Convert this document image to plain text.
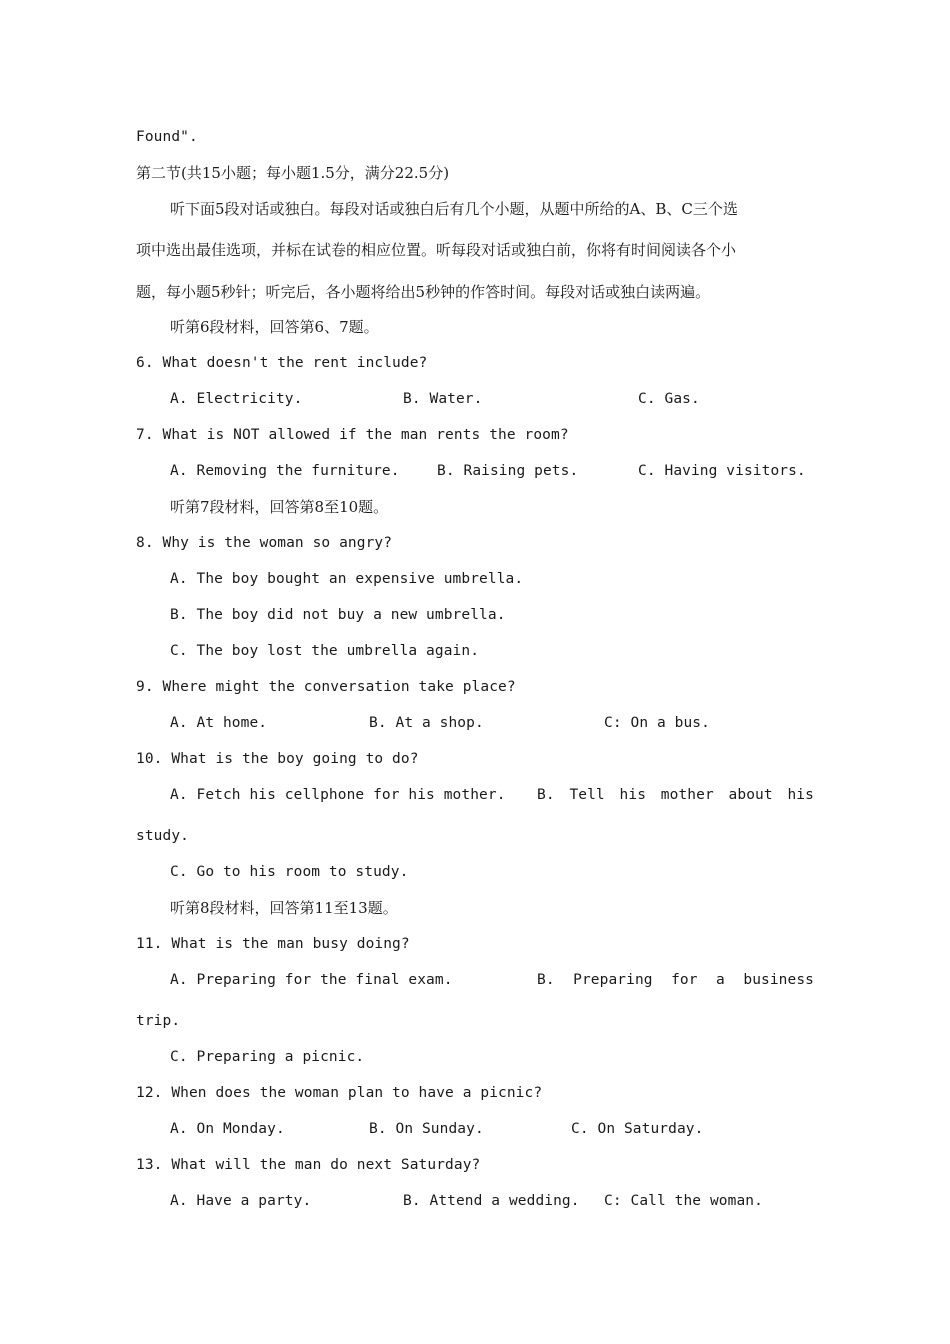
Found".
第二节(共15小题；每小题1.5分，满分22.5分)
听下面5段对话或独白。每段对话或独白后有几个小题，从题中所给的A、B、C三个选
项中选出最佳选项，并标在试卷的相应位置。听每段对话或独白前，你将有时间阅读各个小
题，每小题5秒针；听完后，各小题将给出5秒钟的作答时间。每段对话或独白读两遍。
听第6段材料，回答第6、7题。
6. What doesn't the rent include?
A. Electricity.	B. Water.	C. Gas.
7. What is NOT allowed if the man rents the room?
A. Removing the furniture.	B. Raising pets.	C. Having visitors.
听第7段材料，回答第8至10题。
8. Why is the woman so angry?
A. The boy bought an expensive umbrella.
B. The boy did not buy a new umbrella.
C. The boy lost the umbrella again.
9. Where might the conversation take place?
A. At home.	B. At a shop.	C: On a bus.
10. What is the boy going to do?
A. Fetch his cellphone for his mother. B. Tell his mother about his
study.
C. Go to his room to study.
听第8段材料，回答第11至13题。
11. What is the man busy doing?
A. Preparing for the final exam.	B. Preparing for a business
trip.
C. Preparing a picnic.
12. When does the woman plan to have a picnic?
A. On Monday.	B. On Sunday.	C. On Saturday.
13. What will the man do next Saturday?
A. Have a party.	B. Attend a wedding. C: Call the woman.
